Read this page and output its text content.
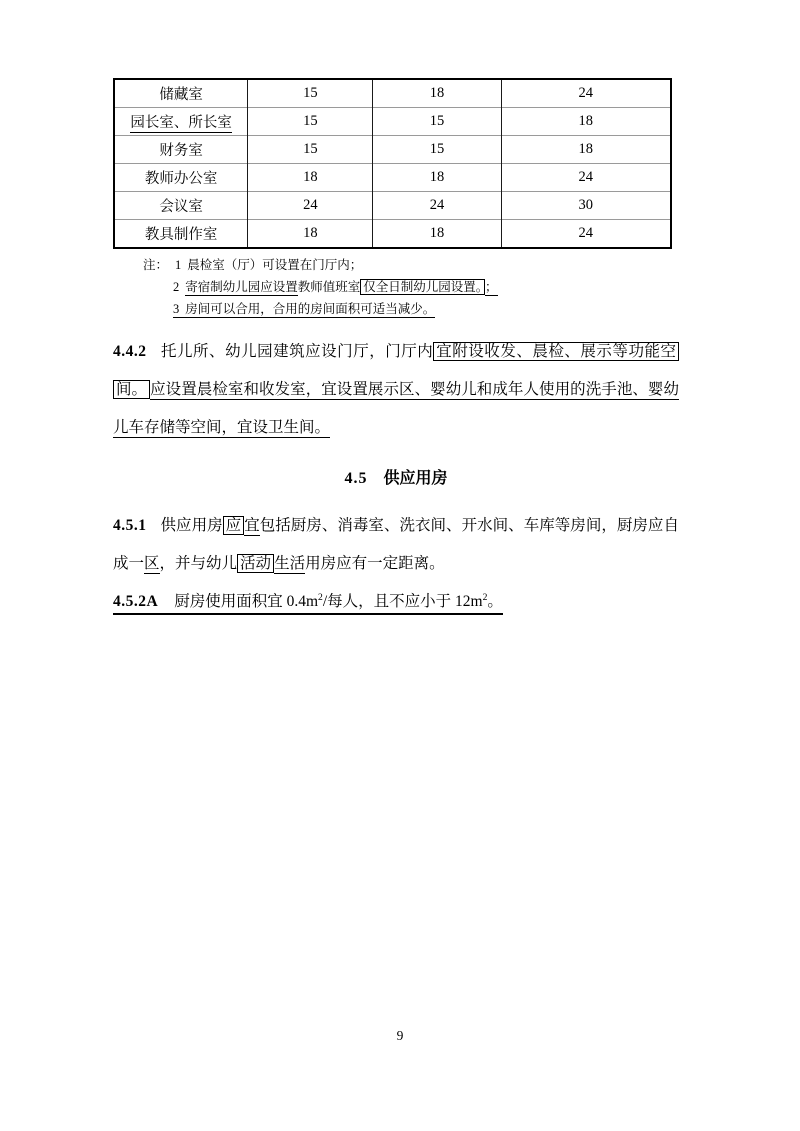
储藏室	15	18	24
园长室、所长室	15	15	18
财务室	15	15	18
教师办公室	18	18	24
会议室	24	24	30
教具制作室	18	18	24
注： 1 晨检室（厅）可设置在门厅内；
2 寄宿制幼儿园应设置教师值班室 仅全日制幼儿园设置。 ；
3 房间可以合用，合用的房间面积可适当减少。
4.4.2 托儿所、幼儿园建筑应设门厅，门厅内 宜附设收发、晨检、展示等功能空间。 应设置晨检室和收发室，宜设置展示区、婴幼儿和成年人使用的洗手池、婴幼儿车存储等空间，宜设卫生间。
4.5 供应用房
4.5.1 供应用房 应 宜包括厨房、消毒室、洗衣间、开水间、车库等房间，厨房应自成一区，并与幼儿 活动 生活用房应有一定距离。
4.5.2A 厨房使用面积宜 $0.4m^2/$每人，且不应小于 $12m^2$。
9
